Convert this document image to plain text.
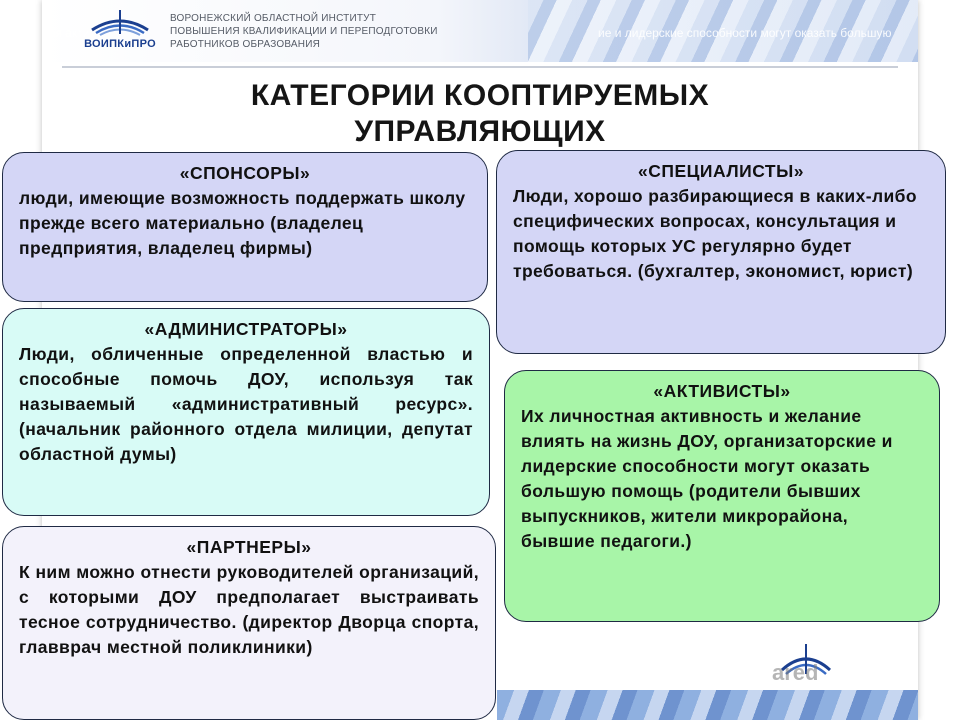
ная акти	ие и лидерские способности могут оказать большую
ВОИПКиПРО
ВОРОНЕЖСКИЙ ОБЛАСТНОЙ ИНСТИТУТ
ПОВЫШЕНИЯ КВАЛИФИКАЦИИ И ПЕРЕПОДГОТОВКИ
РАБОТНИКОВ ОБРАЗОВАНИЯ
ared
КАТЕГОРИИ КООПТИРУЕМЫХ
УПРАВЛЯЮЩИХ
«СПОНСОРЫ»
люди, имеющие возможность поддержать школу прежде всего материально (владелец предприятия, владелец фирмы)
«СПЕЦИАЛИСТЫ»
Люди, хорошо разбирающиеся в каких-либо специфических вопросах, консультация и помощь которых УС регулярно будет требоваться. (бухгалтер, экономист, юрист)
«АДМИНИСТРАТОРЫ»
Люди, обличенные определенной властью и способные помочь ДОУ, используя так называемый «административный ресурс». (начальник районного отдела милиции, депутат областной думы)
«АКТИВИСТЫ»
Их личностная активность и желание влиять на жизнь ДОУ, организаторские и лидерские способности могут оказать большую помощь (родители бывших выпускников, жители микрорайона, бывшие педагоги.)
«ПАРТНЕРЫ»
К ним можно отнести руководителей организаций, с которыми ДОУ предполагает выстраивать тесное сотрудничество. (директор Дворца спорта, главврач местной поликлиники)
